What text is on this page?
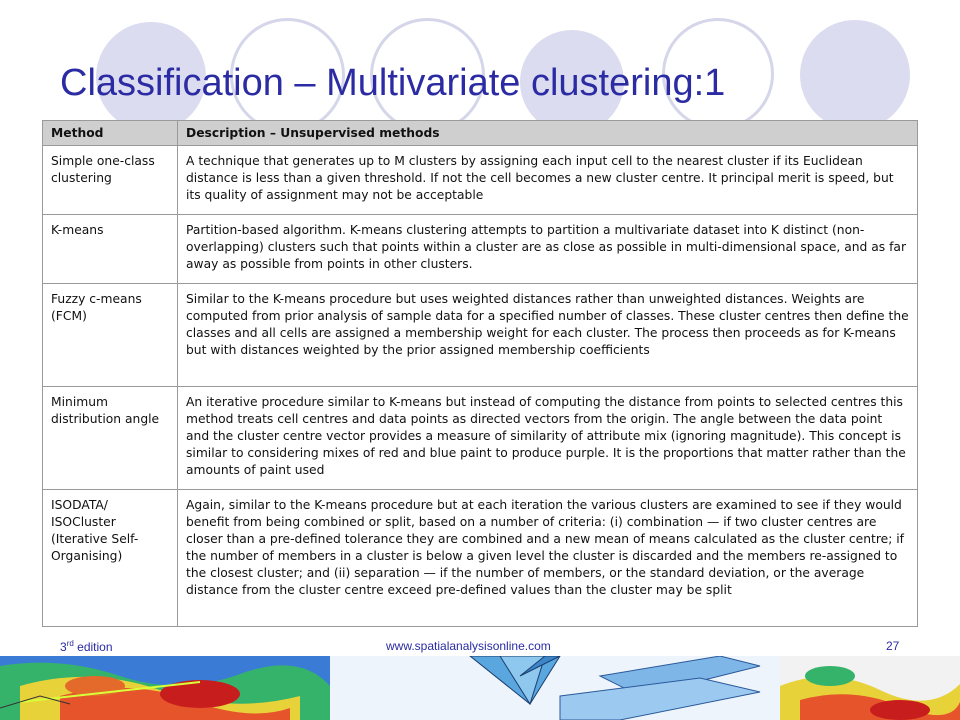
Classification – Multivariate clustering:1
Method	Description – Unsupervised methods
Simple one-class clustering	A technique that generates up to M clusters by assigning each input cell to the nearest cluster if its Euclidean distance is less than a given threshold. If not the cell becomes a new cluster centre. It principal merit is speed, but its quality of assignment may not be acceptable
K-means	Partition-based algorithm. K-means clustering attempts to partition a multivariate dataset into K distinct (non-overlapping) clusters such that points within a cluster are as close as possible in multi-dimensional space, and as far away as possible from points in other clusters.
Fuzzy c-means (FCM)	Similar to the K-means procedure but uses weighted distances rather than unweighted distances. Weights are computed from prior analysis of sample data for a specified number of classes. These cluster centres then define the classes and all cells are assigned a membership weight for each cluster. The process then proceeds as for K-means but with distances weighted by the prior assigned membership coefficients
Minimum distribution angle	An iterative procedure similar to K-means but instead of computing the distance from points to selected centres this method treats cell centres and data points as directed vectors from the origin. The angle between the data point and the cluster centre vector provides a measure of similarity of attribute mix (ignoring magnitude). This concept is similar to considering mixes of red and blue paint to produce purple. It is the proportions that matter rather than the amounts of paint used
ISODATA/ ISOCluster (Iterative Self-Organising)	Again, similar to the K-means procedure but at each iteration the various clusters are examined to see if they would benefit from being combined or split, based on a number of criteria: (i) combination — if two cluster centres are closer than a pre-defined tolerance they are combined and a new mean of means calculated as the cluster centre; if the number of members in a cluster is below a given level the cluster is discarded and the members re-assigned to the closest cluster; and (ii) separation — if the number of members, or the standard deviation, or the average distance from the cluster centre exceed pre-defined values than the cluster may be split
3rd edition	www.spatialanalysisonline.com	27
